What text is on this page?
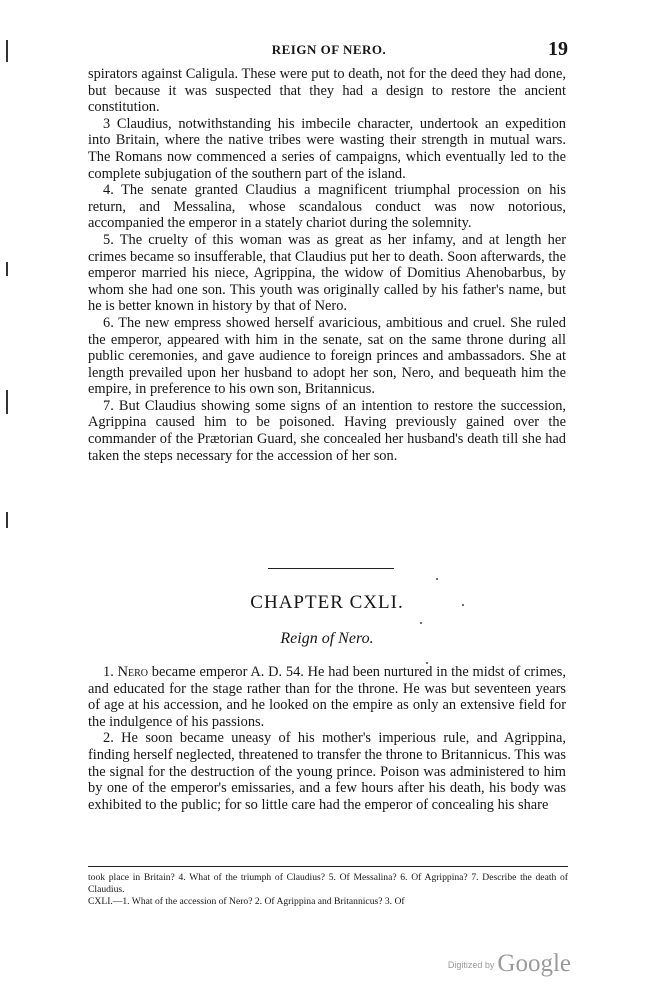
REIGN OF NERO.	19

spirators against Caligula. These were put to death, not for the deed they had done, but because it was suspected that they had a design to restore the ancient constitution.

3 Claudius, notwithstanding his imbecile character, undertook an expedition into Britain, where the native tribes were wasting their strength in mutual wars. The Romans now commenced a series of campaigns, which eventually led to the complete subjugation of the southern part of the island.

4. The senate granted Claudius a magnificent triumphal procession on his return, and Messalina, whose scandalous conduct was now notorious, accompanied the emperor in a stately chariot during the solemnity.

5. The cruelty of this woman was as great as her infamy, and at length her crimes became so insufferable, that Claudius put her to death. Soon afterwards, the emperor married his niece, Agrippina, the widow of Domitius Ahenobarbus, by whom she had one son. This youth was originally called by his father's name, but he is better known in history by that of Nero.

6. The new empress showed herself avaricious, ambitious and cruel. She ruled the emperor, appeared with him in the senate, sat on the same throne during all public ceremonies, and gave audience to foreign princes and ambassadors. She at length prevailed upon her husband to adopt her son, Nero, and bequeath him the empire, in preference to his own son, Britannicus.

7. But Claudius showing some signs of an intention to restore the succession, Agrippina caused him to be poisoned. Having previously gained over the commander of the Prætorian Guard, she concealed her husband's death till she had taken the steps necessary for the accession of her son.

CHAPTER CXLI.
Reign of Nero.

1. Nero became emperor A. D. 54. He had been nurtured in the midst of crimes, and educated for the stage rather than for the throne. He was but seventeen years of age at his accession, and he looked on the empire as only an extensive field for the indulgence of his passions.

2. He soon became uneasy of his mother's imperious rule, and Agrippina, finding herself neglected, threatened to transfer the throne to Britannicus. This was the signal for the destruction of the young prince. Poison was administered to him by one of the emperor's emissaries, and a few hours after his death, his body was exhibited to the public; for so little care had the emperor of concealing his share

took place in Britain? 4. What of the triumph of Claudius? 5. Of Messalina? 6. Of Agrippina? 7. Describe the death of Claudius.

CXLI.—1. What of the accession of Nero? 2. Of Agrippina and Britannicus? 3. Of

Digitized by Google
